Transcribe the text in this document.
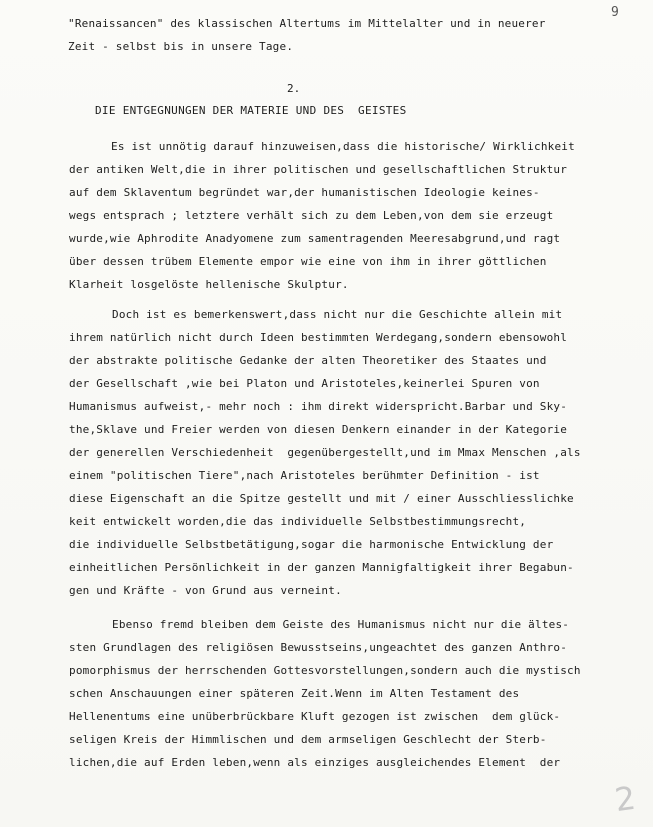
9
"Renaissancen" des klassischen Altertums im Mittelalter und in neuerer
Zeit - selbst bis in unsere Tage.
2.
DIE ENTGEGNUNGEN DER MATERIE UND DES  GEISTES
Es ist unnötig darauf hinzuweisen,dass die historische/ Wirklichkeit
der antiken Welt,die in ihrer politischen und gesellschaftlichen Struktur
auf dem Sklaventum begründet war,der humanistischen Ideologie keines-
wegs entsprach ; letztere verhält sich zu dem Leben,von dem sie erzeugt
wurde,wie Aphrodite Anadyomene zum samentragenden Meeresabgrund,und ragt
über dessen trübem Elemente empor wie eine von ihm in ihrer göttlichen
Klarheit losgelöste hellenische Skulptur.
Doch ist es bemerkenswert,dass nicht nur die Geschichte allein mit
ihrem natürlich nicht durch Ideen bestimmten Werdegang,sondern ebensowohl
der abstrakte politische Gedanke der alten Theoretiker des Staates und
der Gesellschaft ,wie bei Platon und Aristoteles,keinerlei Spuren von
Humanismus aufweist,- mehr noch : ihm direkt widerspricht.Barbar und Sky-
the,Sklave und Freier werden von diesen Denkern einander in der Kategorie
der generellen Verschiedenheit  gegenübergestellt,und im Mmax Menschen ,als
einem "politischen Tiere",nach Aristoteles berühmter Definition - ist
diese Eigenschaft an die Spitze gestellt und mit / einer Ausschliesslichke
keit entwickelt worden,die das individuelle Selbstbestimmungsrecht,
die individuelle Selbstbetätigung,sogar die harmonische Entwicklung der
einheitlichen Persönlichkeit in der ganzen Mannigfaltigkeit ihrer Begabun-
gen und Kräfte - von Grund aus verneint.
Ebenso fremd bleiben dem Geiste des Humanismus nicht nur die ältes-
sten Grundlagen des religiösen Bewusstseins,ungeachtet des ganzen Anthro-
pomorphismus der herrschenden Gottesvorstellungen,sondern auch die mystisch
schen Anschauungen einer späteren Zeit.Wenn im Alten Testament des
Hellenentums eine unüberbrückbare Kluft gezogen ist zwischen  dem glück-
seligen Kreis der Himmlischen und dem armseligen Geschlecht der Sterb-
lichen,die auf Erden leben,wenn als einziges ausgleichendes Element  der
2
